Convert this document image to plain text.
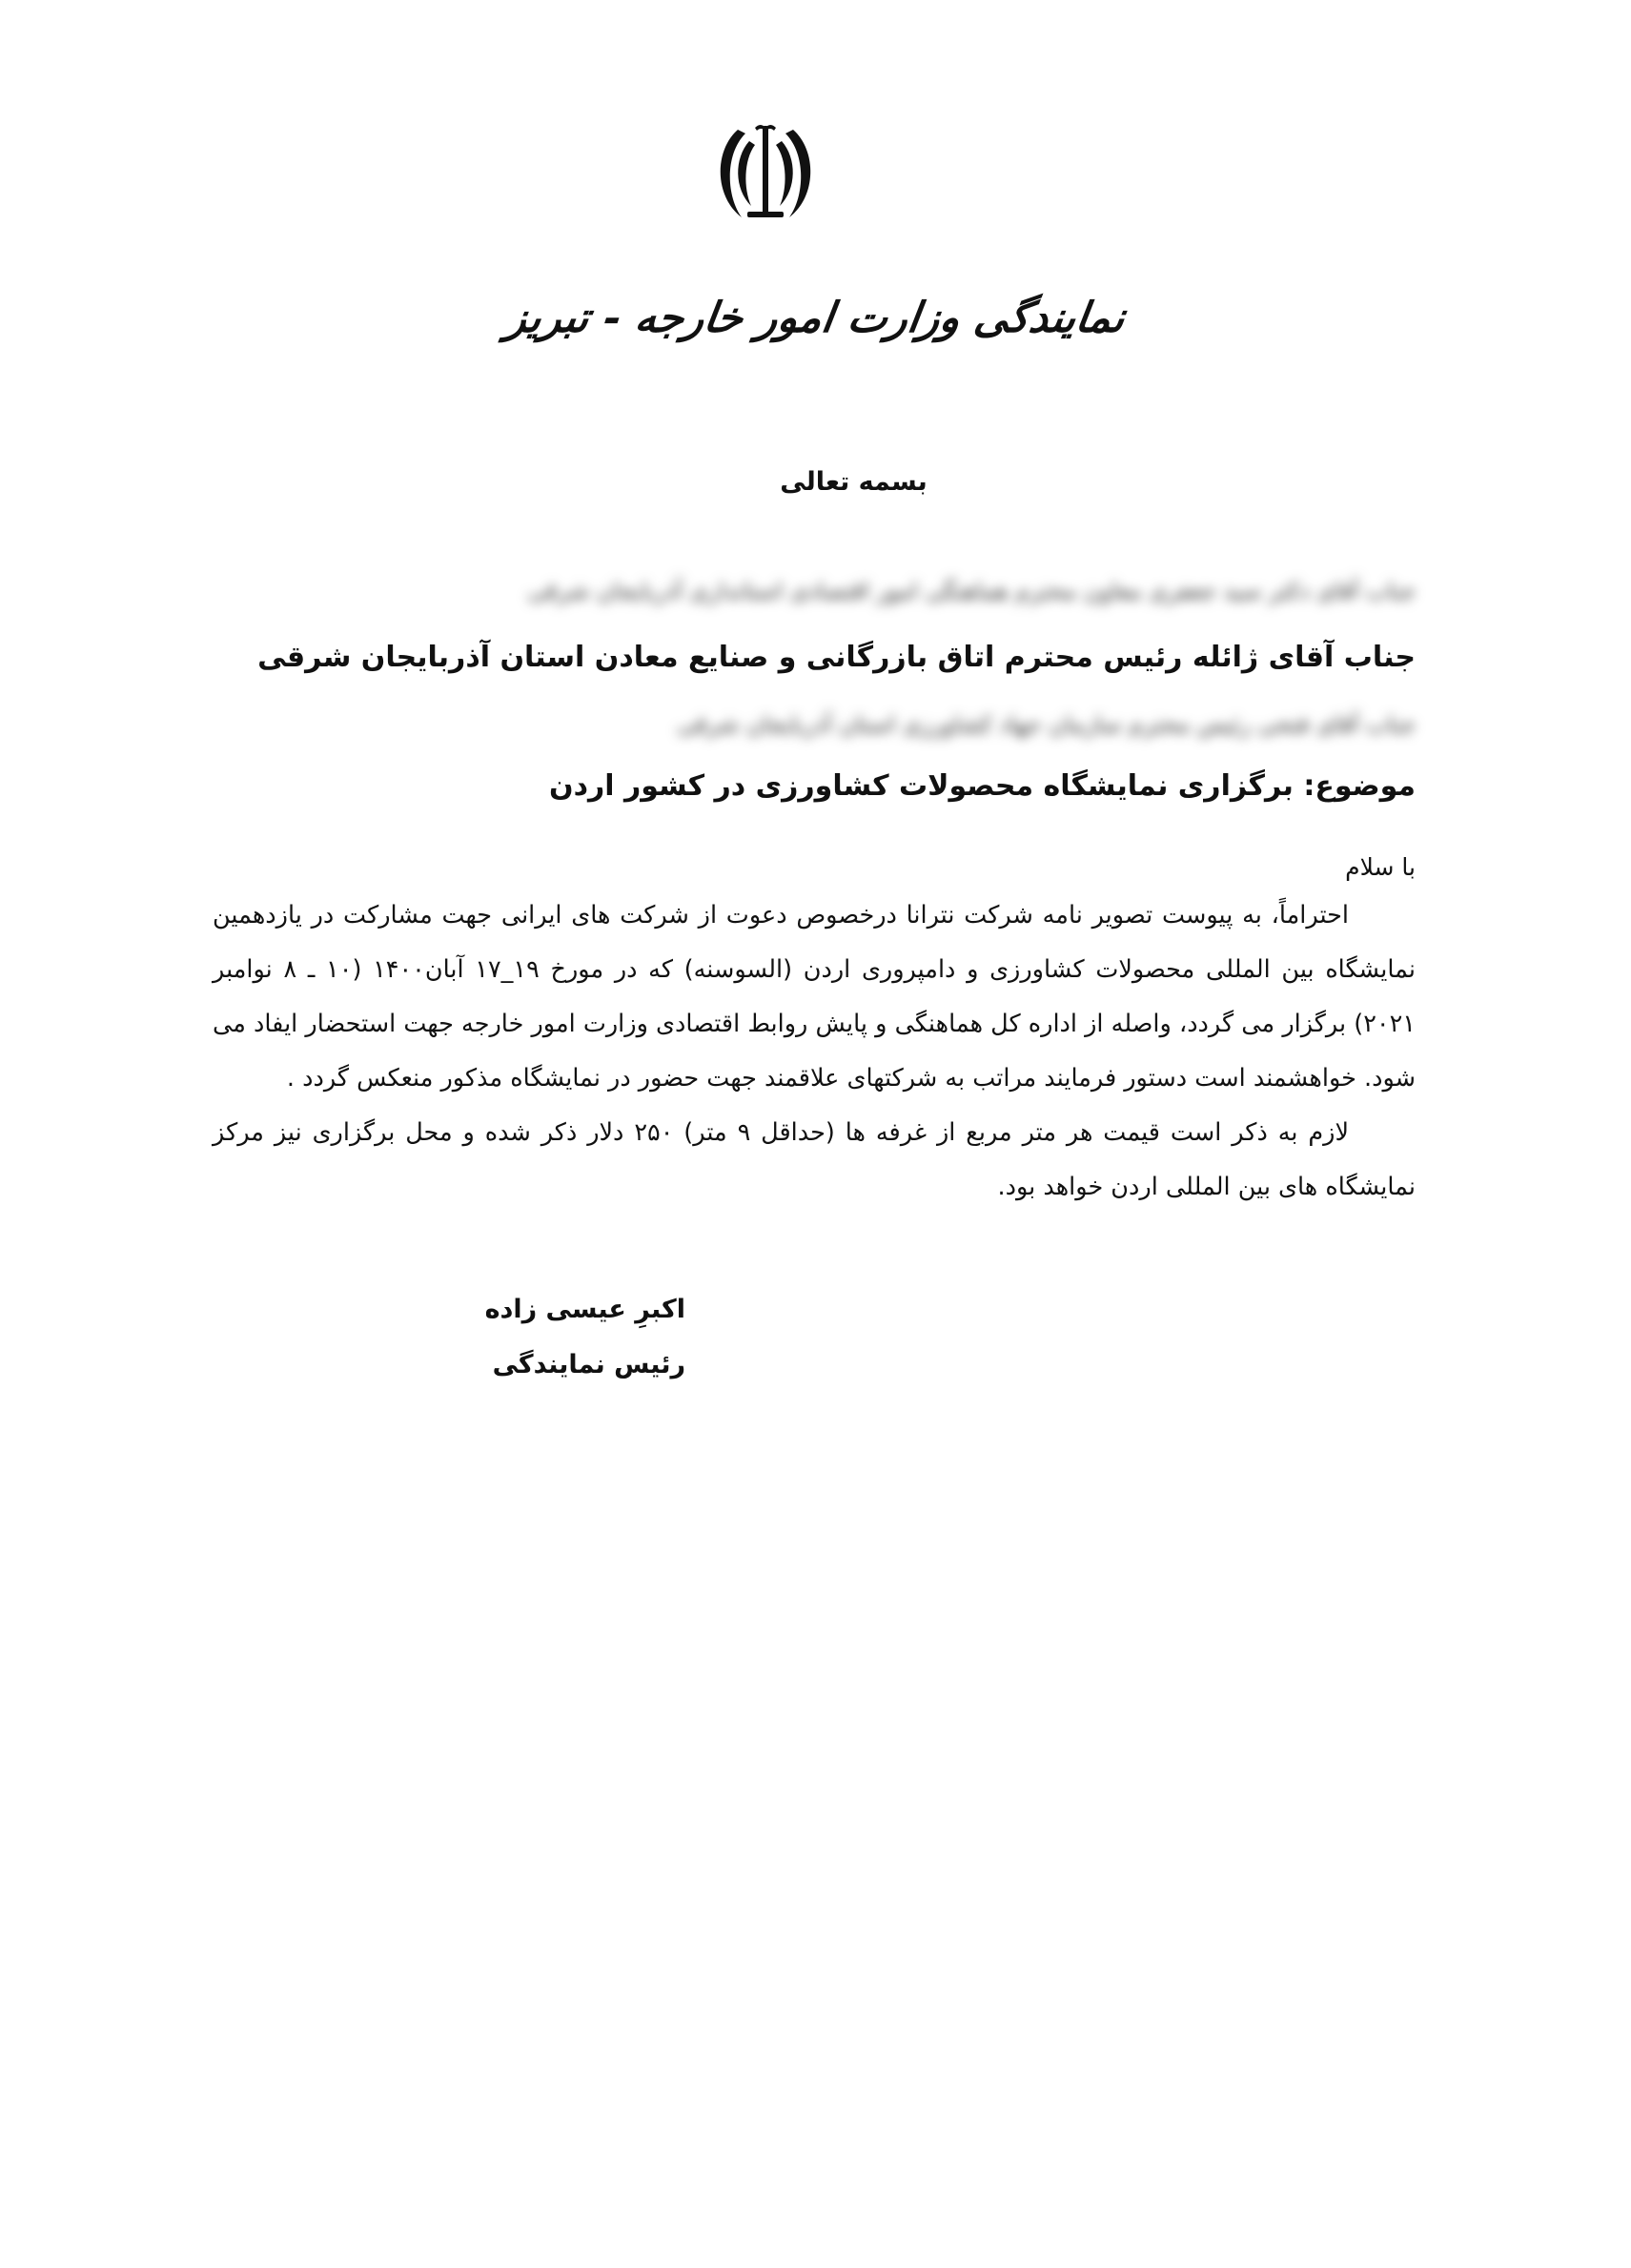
نمایندگی وزارت امور خارجه - تبریز
بسمه تعالی
جناب آقای دکتر سید جعفری معاون محترم هماهنگی امور اقتصادی استانداری آذربایجان شرقی
جناب آقای ژائله رئیس محترم اتاق بازرگانی و صنایع معادن استان آذربایجان شرقی
جناب آقای فتحی رئیس محترم سازمان جهاد کشاورزی استان آذربایجان شرقی
موضوع: برگزاری نمایشگاه محصولات کشاورزی در کشور اردن
با سلام

احتراماً، به پیوست تصویر نامه شرکت نترانا درخصوص دعوت از شرکت های ایرانی جهت مشارکت در یازدهمین نمایشگاه بین المللی محصولات کشاورزی و دامپروری اردن (السوسنه) که در مورخ ۱۹_۱۷ آبان۱۴۰۰ (۱۰ ـ ۸ نوامبر ۲۰۲۱) برگزار می گردد، واصله از اداره کل هماهنگی و پایش روابط اقتصادی وزارت امور خارجه جهت استحضار ایفاد می شود. خواهشمند است دستور فرمایند مراتب به شرکتهای علاقمند جهت حضور در نمایشگاه مذکور منعکس گردد .

لازم به ذکر است قیمت هر متر مربع از غرفه ها (حداقل ۹ متر) ۲۵۰ دلار ذکر شده و محل برگزاری نیز مرکز نمایشگاه های بین المللی اردن خواهد بود.

اکبرِ عیسی زاده
رئیس نمایندگی
